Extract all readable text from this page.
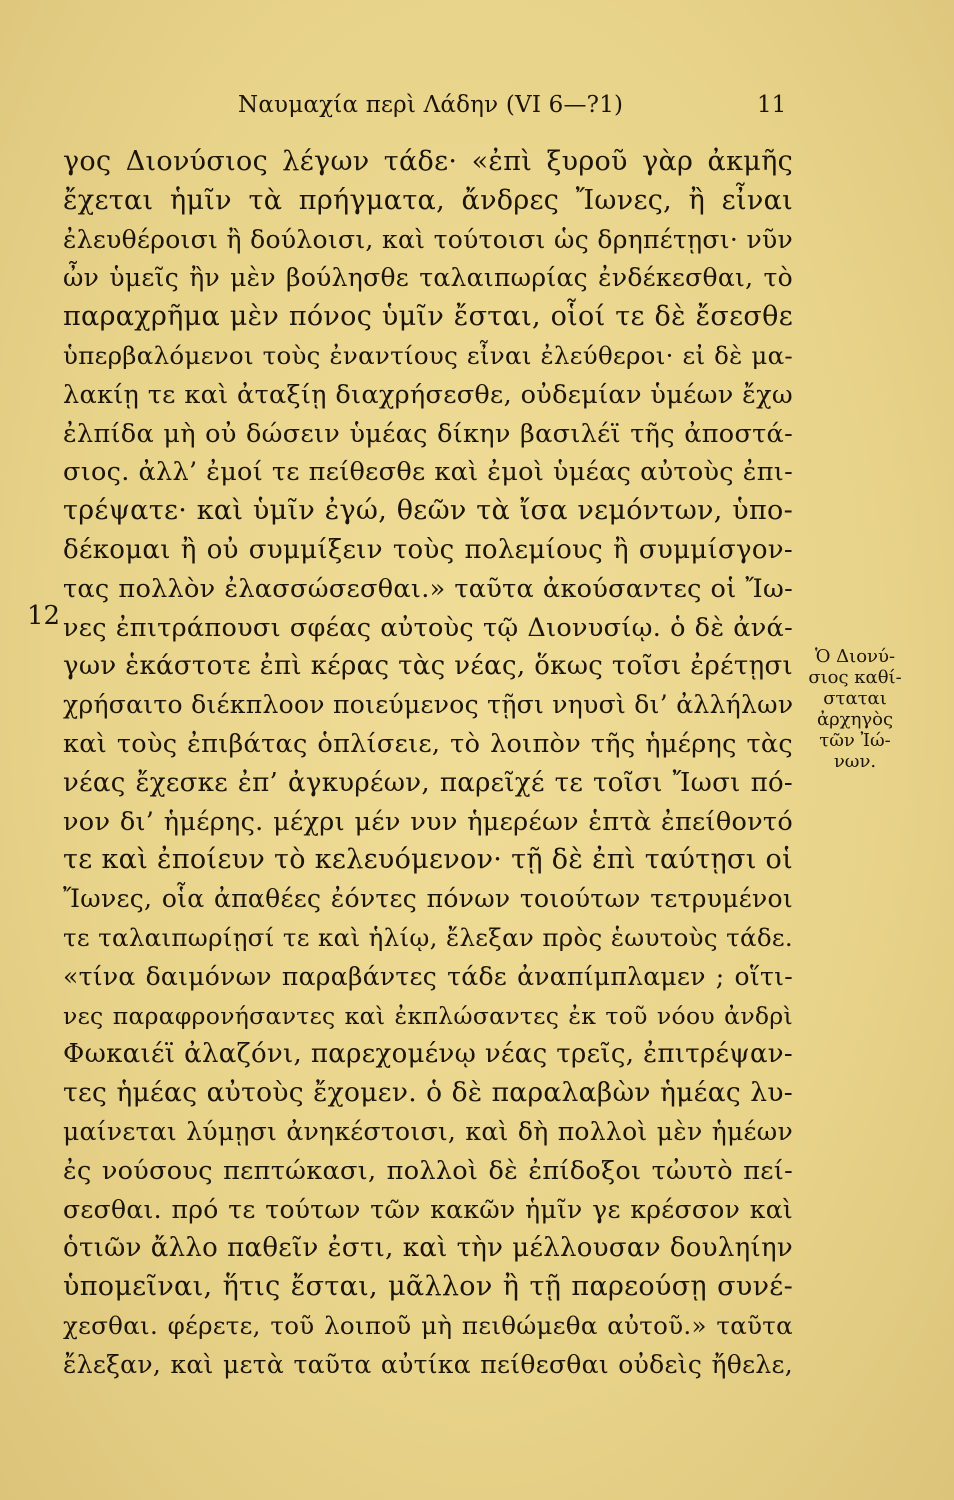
Ναυμαχία περὶ Λάδην (VI 6—?1)	11
12
γος Διονύσιος λέγων τάδε· «ἐπὶ ξυροῦ γὰρ ἀκμῆς
ἔχεται ἡμῖν τὰ πρήγματα, ἄνδρες Ἴωνες, ἢ εἶναι
ἐλευθέροισι ἢ δούλοισι, καὶ τούτοισι ὡς δρηπέτῃσι· νῦν
ὦν ὑμεῖς ἢν μὲν βούλησθε ταλαιπωρίας ἐνδέκεσθαι, τὸ
παραχρῆμα μὲν πόνος ὑμῖν ἔσται, οἷοί τε δὲ ἔσεσθε
ὑπερβαλόμενοι τοὺς ἐναντίους εἶναι ἐλεύθεροι· εἰ δὲ μα-
λακίῃ τε καὶ ἀταξίῃ διαχρήσεσθε, οὐδεμίαν ὑμέων ἔχω
ἐλπίδα μὴ οὐ δώσειν ὑμέας δίκην βασιλέϊ τῆς ἀποστά-
σιος. ἀλλ’ ἐμοί τε πείθεσθε καὶ ἐμοὶ ὑμέας αὐτοὺς ἐπι-
τρέψατε· καὶ ὑμῖν ἐγώ, θεῶν τὰ ἴσα νεμόντων, ὑπο-
δέκομαι ἢ οὐ συμμίξειν τοὺς πολεμίους ἢ συμμίσγον-
τας πολλὸν ἐλασσώσεσθαι.» ταῦτα ἀκούσαντες οἱ Ἴω-
νες ἐπιτράπουσι σφέας αὐτοὺς τῷ Διονυσίῳ. ὁ δὲ ἀνά-
γων ἑκάστοτε ἐπὶ κέρας τὰς νέας, ὅκως τοῖσι ἐρέτῃσι
χρήσαιτο διέκπλοον ποιεύμενος τῇσι νηυσὶ δι’ ἀλλήλων
καὶ τοὺς ἐπιβάτας ὁπλίσειε, τὸ λοιπὸν τῆς ἡμέρης τὰς
νέας ἔχεσκε ἐπ’ ἀγκυρέων, παρεῖχέ τε τοῖσι Ἴωσι πό-
νον δι’ ἡμέρης. μέχρι μέν νυν ἡμερέων ἑπτὰ ἐπείθοντό
τε καὶ ἐποίευν τὸ κελευόμενον· τῇ δὲ ἐπὶ ταύτῃσι οἱ
Ἴωνες, οἷα ἀπαθέες ἐόντες πόνων τοιούτων τετρυμένοι
τε ταλαιπωρίῃσί τε καὶ ἡλίῳ, ἔλεξαν πρὸς ἑωυτοὺς τάδε.
«τίνα δαιμόνων παραβάντες τάδε ἀναπίμπλαμεν ; οἵτι-
νες παραφρονήσαντες καὶ ἐκπλώσαντες ἐκ τοῦ νόου ἀνδρὶ
Φωκαιέϊ ἀλαζόνι, παρεχομένῳ νέας τρεῖς, ἐπιτρέψαν-
τες ἡμέας αὐτοὺς ἔχομεν. ὁ δὲ παραλαβὼν ἡμέας λυ-
μαίνεται λύμῃσι ἀνηκέστοισι, καὶ δὴ πολλοὶ μὲν ἡμέων
ἐς νούσους πεπτώκασι, πολλοὶ δὲ ἐπίδοξοι τὠυτὸ πεί-
σεσθαι. πρό τε τούτων τῶν κακῶν ἡμῖν γε κρέσσον καὶ
ὁτιῶν ἄλλο παθεῖν ἐστι, καὶ τὴν μέλλουσαν δουληίην
ὑπομεῖναι, ἥτις ἔσται, μᾶλλον ἢ τῇ παρεούσῃ συνέ-
χεσθαι. φέρετε, τοῦ λοιποῦ μὴ πειθώμεθα αὐτοῦ.» ταῦτα
ἔλεξαν, καὶ μετὰ ταῦτα αὐτίκα πείθεσθαι οὐδεὶς ἤθελε,
Ὁ Διονύ-
σιος καθί-
σταται
ἀρχηγὸς
τῶν Ἰώ-
νων.
